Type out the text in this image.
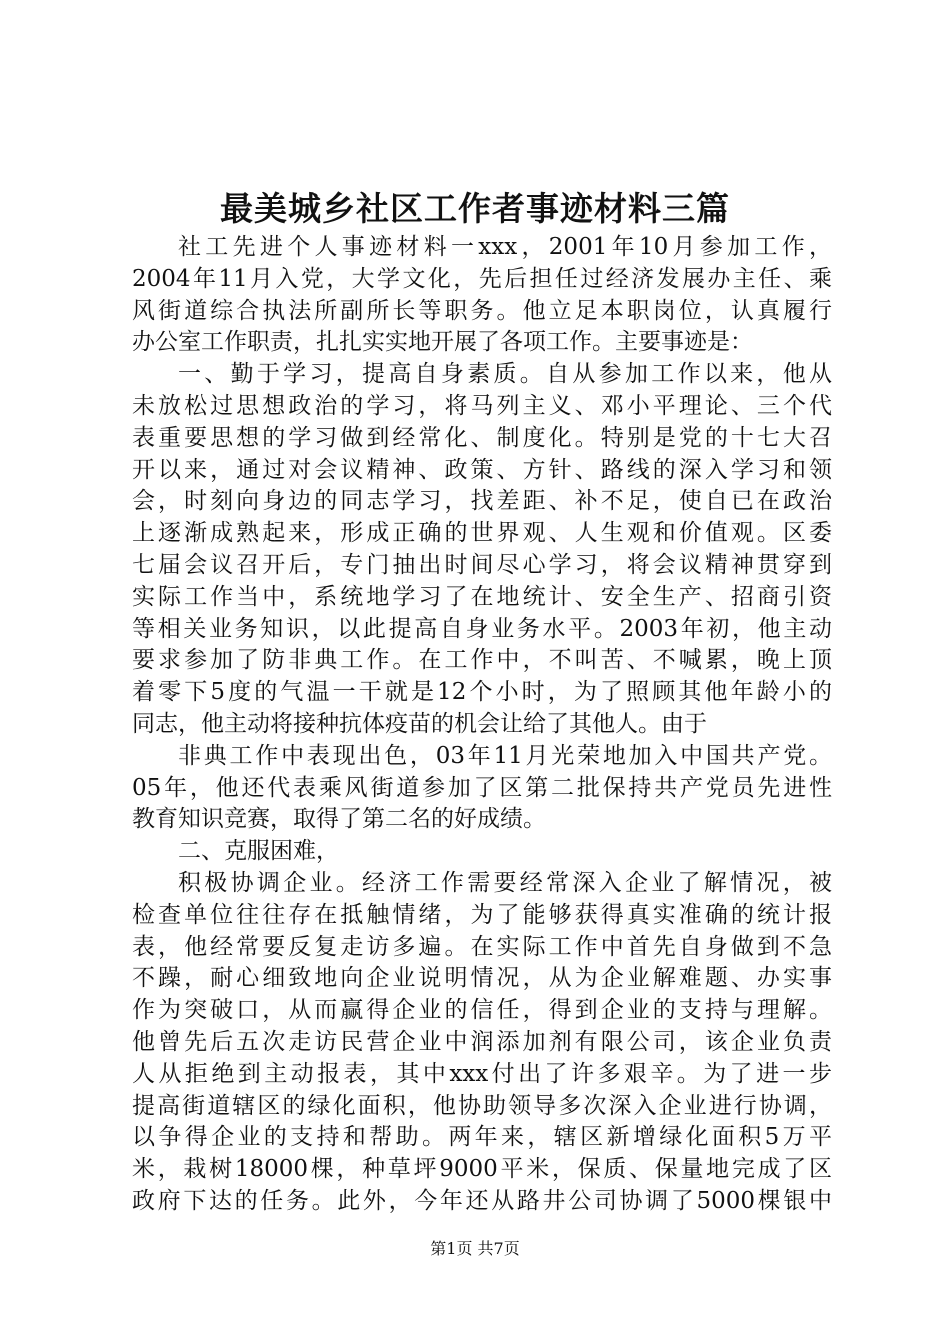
最美城乡社区工作者事迹材料三篇
社工先进个人事迹材料一xxx，2001年10月参加工作，
2004年11月入党，大学文化，先后担任过经济发展办主任、乘
风街道综合执法所副所长等职务。他立足本职岗位，认真履行
办公室工作职责，扎扎实实地开展了各项工作。主要事迹是：
一、勤于学习，提高自身素质。自从参加工作以来，他从
未放松过思想政治的学习，将马列主义、邓小平理论、三个代
表重要思想的学习做到经常化、制度化。特别是党的十七大召
开以来，通过对会议精神、政策、方针、路线的深入学习和领
会，时刻向身边的同志学习，找差距、补不足，使自已在政治
上逐渐成熟起来，形成正确的世界观、人生观和价值观。区委
七届会议召开后，专门抽出时间尽心学习，将会议精神贯穿到
实际工作当中，系统地学习了在地统计、安全生产、招商引资
等相关业务知识，以此提高自身业务水平。2003年初，他主动
要求参加了防非典工作。在工作中，不叫苦、不喊累，晚上顶
着零下5度的气温一干就是12个小时，为了照顾其他年龄小的
同志，他主动将接种抗体疫苗的机会让给了其他人。由于
非典工作中表现出色，03年11月光荣地加入中国共产党。
05年，他还代表乘风街道参加了区第二批保持共产党员先进性
教育知识竞赛，取得了第二名的好成绩。
二、克服困难，
积极协调企业。经济工作需要经常深入企业了解情况，被
检查单位往往存在抵触情绪，为了能够获得真实准确的统计报
表，他经常要反复走访多遍。在实际工作中首先自身做到不急
不躁，耐心细致地向企业说明情况，从为企业解难题、办实事
作为突破口，从而赢得企业的信任，得到企业的支持与理解。
他曾先后五次走访民营企业中润添加剂有限公司，该企业负责
人从拒绝到主动报表，其中xxx付出了许多艰辛。为了进一步
提高街道辖区的绿化面积，他协助领导多次深入企业进行协调，
以争得企业的支持和帮助。两年来，辖区新增绿化面积5万平
米，栽树18000棵，种草坪9000平米，保质、保量地完成了区
政府下达的任务。此外，今年还从路井公司协调了5000棵银中
第1页 共7页
